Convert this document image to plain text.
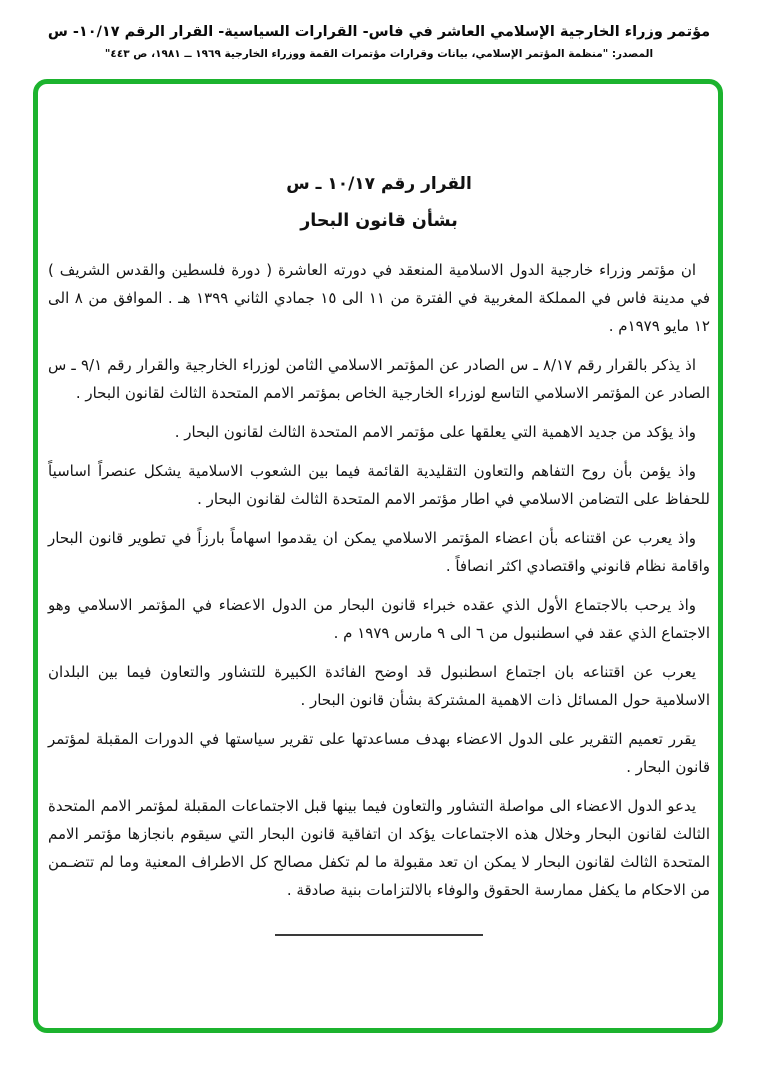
مؤتمر وزراء الخارجية الإسلامي العاشر في فاس- القرارات السياسية- القرار الرقم ١٠/١٧- س
المصدر: "منظمة المؤتمر الإسلامي، بيانات وقرارات مؤتمرات القمة ووزراء الخارجية ١٩٦٩ ــ ١٩٨١، ص ٤٤٣"
القرار رقم ١٠/١٧ ـ س
بشأن قانون البحار

ان مؤتمر وزراء خارجية الدول الاسلامية المنعقد في دورته العاشرة ( دورة فلسطين والقدس الشريف ) في مدينة فاس في المملكة المغربية في الفترة من ١١ الى ١٥ جمادي الثاني ١٣٩٩ هـ . الموافق من ٨ الى ١٢ مايو ١٩٧٩م .

اذ يذكر بالقرار رقم ٨/١٧ ـ س الصادر عن المؤتمر الاسلامي الثامن لوزراء الخارجية والقرار رقم ٩/١ ـ س الصادر عن المؤتمر الاسلامي التاسع لوزراء الخارجية الخاص بمؤتمر الامم المتحدة الثالث لقانون البحار .

واذ يؤكد من جديد الاهمية التي يعلقها على مؤتمر الامم المتحدة الثالث لقانون البحار .

واذ يؤمن بأن روح التفاهم والتعاون التقليدية القائمة فيما بين الشعوب الاسلامية يشكل عنصراً اساسياً للحفاظ على التضامن الاسلامي في اطار مؤتمر الامم المتحدة الثالث لقانون البحار .

واذ يعرب عن اقتناعه بأن اعضاء المؤتمر الاسلامي يمكن ان يقدموا اسهاماً بارزاً في تطوير قانون البحار واقامة نظام قانوني واقتصادي اكثر انصافاً .

واذ يرحب بالاجتماع الأول الذي عقده خبراء قانون البحار من الدول الاعضاء في المؤتمر الاسلامي وهو الاجتماع الذي عقد في اسطنبول من ٦ الى ٩ مارس ١٩٧٩ م .

يعرب عن اقتناعه بان اجتماع اسطنبول قد اوضح الفائدة الكبيرة للتشاور والتعاون فيما بين البلدان الاسلامية حول المسائل ذات الاهمية المشتركة بشأن قانون البحار .

يقرر تعميم التقرير على الدول الاعضاء بهدف مساعدتها على تقرير سياستها في الدورات المقبلة لمؤتمر قانون البحار .

يدعو الدول الاعضاء الى مواصلة التشاور والتعاون فيما بينها قبل الاجتماعات المقبلة لمؤتمر الامم المتحدة الثالث لقانون البحار وخلال هذه الاجتماعات يؤكد ان اتفاقية قانون البحار التي سيقوم بانجازها مؤتمر الامم المتحدة الثالث لقانون البحار لا يمكن ان تعد مقبولة ما لم تكفل مصالح كل الاطراف المعنية وما لم تتضـمن من الاحكام ما يكفل ممارسة الحقوق والوفاء بالالتزامات بنية صادقة .
